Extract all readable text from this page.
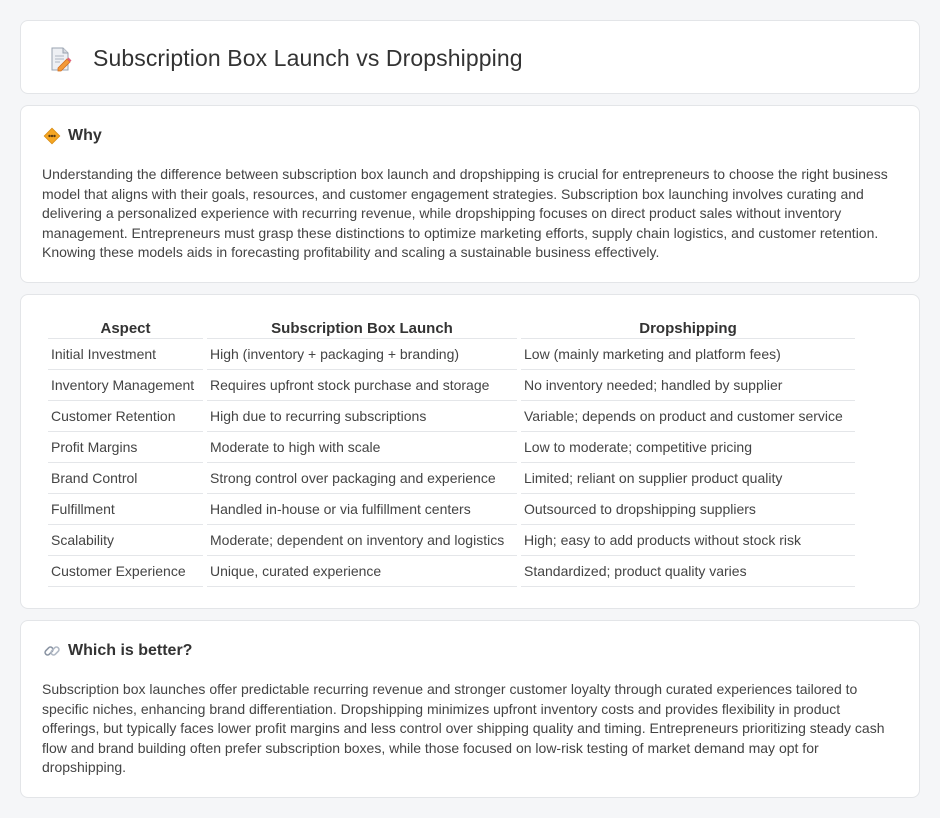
Subscription Box Launch vs Dropshipping
Why

Understanding the difference between subscription box launch and dropshipping is crucial for entrepreneurs to choose the right business model that aligns with their goals, resources, and customer engagement strategies. Subscription box launching involves curating and delivering a personalized experience with recurring revenue, while dropshipping focuses on direct product sales without inventory management. Entrepreneurs must grasp these distinctions to optimize marketing efforts, supply chain logistics, and customer retention. Knowing these models aids in forecasting profitability and scaling a sustainable business effectively.

Aspect	Subscription Box Launch	Dropshipping
Initial Investment	High (inventory + packaging + branding)	Low (mainly marketing and platform fees)
Inventory Management	Requires upfront stock purchase and storage	No inventory needed; handled by supplier
Customer Retention	High due to recurring subscriptions	Variable; depends on product and customer service
Profit Margins	Moderate to high with scale	Low to moderate; competitive pricing
Brand Control	Strong control over packaging and experience	Limited; reliant on supplier product quality
Fulfillment	Handled in-house or via fulfillment centers	Outsourced to dropshipping suppliers
Scalability	Moderate; dependent on inventory and logistics	High; easy to add products without stock risk
Customer Experience	Unique, curated experience	Standardized; product quality varies
Which is better?

Subscription box launches offer predictable recurring revenue and stronger customer loyalty through curated experiences tailored to specific niches, enhancing brand differentiation. Dropshipping minimizes upfront inventory costs and provides flexibility in product offerings, but typically faces lower profit margins and less control over shipping quality and timing. Entrepreneurs prioritizing steady cash flow and brand building often prefer subscription boxes, while those focused on low-risk testing of market demand may opt for dropshipping.
